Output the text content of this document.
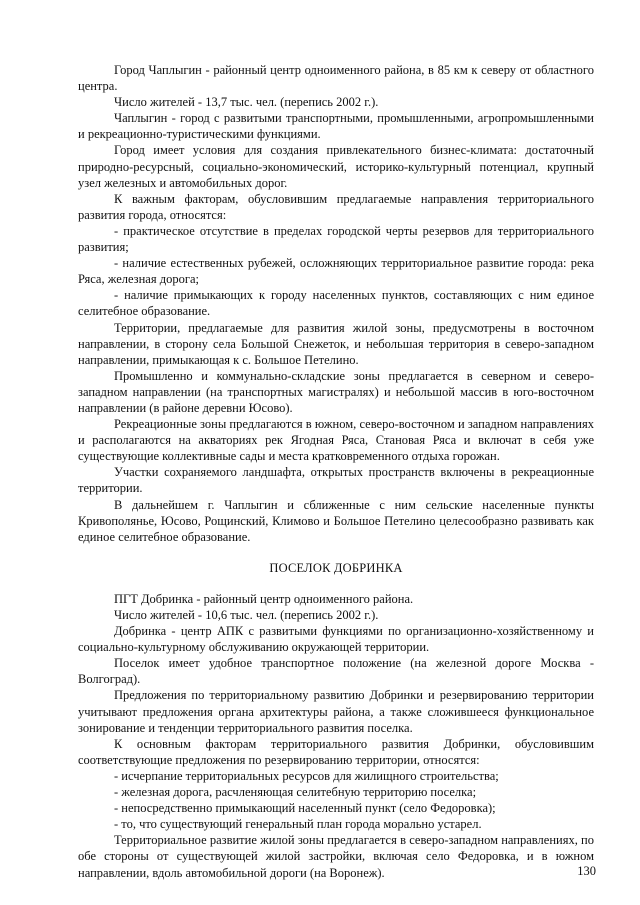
Город Чаплыгин - районный центр одноименного района, в 85 км к северу от областного центра.

Число жителей - 13,7 тыс. чел. (перепись 2002 г.).

Чаплыгин - город с развитыми транспортными, промышленными, агропромышленными и рекреационно-туристическими функциями.

Город имеет условия для создания привлекательного бизнес-климата: достаточный природно-ресурсный, социально-экономический, историко-культурный потенциал, крупный узел железных и автомобильных дорог.

К важным факторам, обусловившим предлагаемые направления территориального развития города, относятся:

- практическое отсутствие в пределах городской черты резервов для территориального развития;

- наличие естественных рубежей, осложняющих территориальное развитие города: река Ряса, железная дорога;

- наличие примыкающих к городу населенных пунктов, составляющих с ним единое селитебное образование.

Территории, предлагаемые для развития жилой зоны, предусмотрены в восточном направлении, в сторону села Большой Снежеток, и небольшая территория в северо-западном направлении, примыкающая к с. Большое Петелино.

Промышленно и коммунально-складские зоны предлагается в северном и северо-западном направлении (на транспортных магистралях) и небольшой массив в юго-восточном направлении (в районе деревни Юсово).

Рекреационные зоны предлагаются в южном, северо-восточном и западном направлениях и располагаются на акваториях рек Ягодная Ряса, Становая Ряса и включат в себя уже существующие коллективные сады и места кратковременного отдыха горожан.

Участки сохраняемого ландшафта, открытых пространств включены в рекреационные территории.

В дальнейшем г. Чаплыгин и сближенные с ним сельские населенные пункты Кривополянье, Юсово, Рощинский, Климово и Большое Петелино целесообразно развивать как единое селитебное образование.

ПОСЕЛОК ДОБРИНКА

ПГТ Добринка - районный центр одноименного района.

Число жителей - 10,6 тыс. чел. (перепись 2002 г.).

Добринка - центр АПК с развитыми функциями по организационно-хозяйственному и социально-культурному обслуживанию окружающей территории.

Поселок имеет удобное транспортное положение (на железной дороге Москва - Волгоград).

Предложения по территориальному развитию Добринки и резервированию территории учитывают предложения органа архитектуры района, а также сложившееся функциональное зонирование и тенденции территориального развития поселка.

К основным факторам территориального развития Добринки, обусловившим соответствующие предложения по резервированию территории, относятся:

- исчерпание территориальных ресурсов для жилищного строительства;

- железная дорога, расчленяющая селитебную территорию поселка;

- непосредственно примыкающий населенный пункт (село Федоровка);

- то, что существующий генеральный план города морально устарел.

Территориальное развитие жилой зоны предлагается в северо-западном направлениях, по обе стороны от существующей жилой застройки, включая село Федоровка, и в южном направлении, вдоль автомобильной дороги (на Воронеж).	130
